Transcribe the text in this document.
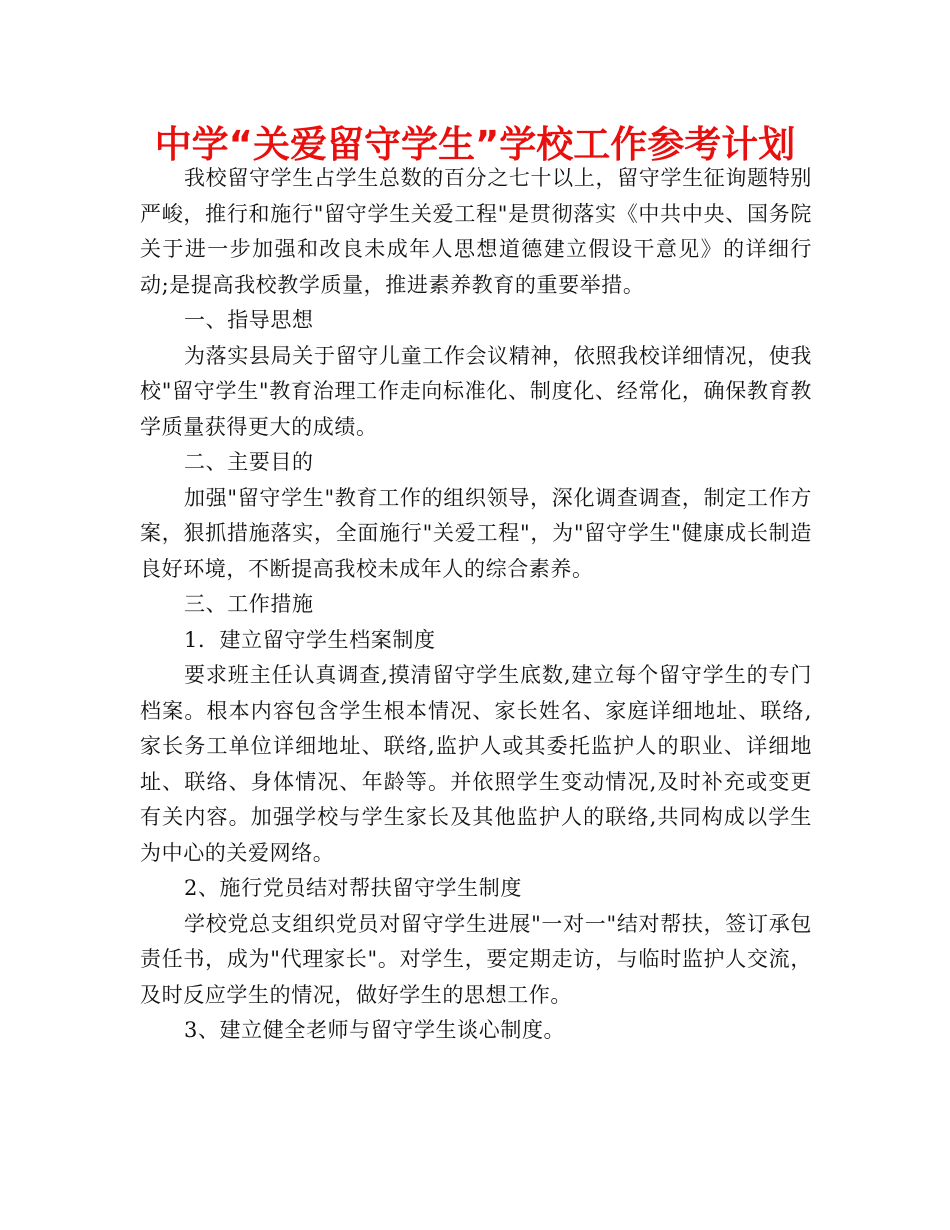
中学“关爱留守学生”学校工作参考计划

我校留守学生占学生总数的百分之七十以上，留守学生征询题特别严峻，推行和施行"留守学生关爱工程"是贯彻落实《中共中央、国务院关于进一步加强和改良未成年人思想道德建立假设干意见》的详细行动;是提高我校教学质量，推进素养教育的重要举措。

一、指导思想

为落实县局关于留守儿童工作会议精神，依照我校详细情况，使我校"留守学生"教育治理工作走向标准化、制度化、经常化，确保教育教学质量获得更大的成绩。

二、主要目的

加强"留守学生"教育工作的组织领导，深化调查调查，制定工作方案，狠抓措施落实，全面施行"关爱工程"，为"留守学生"健康成长制造良好环境，不断提高我校未成年人的综合素养。

三、工作措施

1．建立留守学生档案制度

要求班主任认真调查,摸清留守学生底数,建立每个留守学生的专门档案。根本内容包含学生根本情况、家长姓名、家庭详细地址、联络,家长务工单位详细地址、联络,监护人或其委托监护人的职业、详细地址、联络、身体情况、年龄等。并依照学生变动情况,及时补充或变更有关内容。加强学校与学生家长及其他监护人的联络,共同构成以学生为中心的关爱网络。

2、施行党员结对帮扶留守学生制度

学校党总支组织党员对留守学生进展"一对一"结对帮扶，签订承包责任书，成为"代理家长"。对学生，要定期走访，与临时监护人交流，及时反应学生的情况，做好学生的思想工作。

3、建立健全老师与留守学生谈心制度。
